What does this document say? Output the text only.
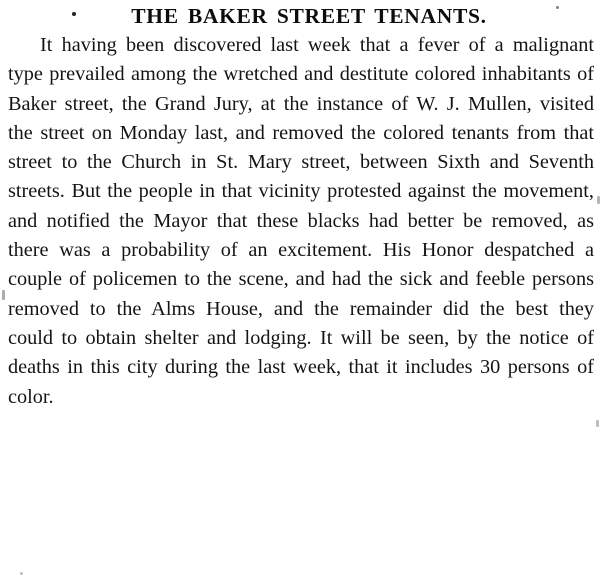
THE BAKER STREET TENANTS.

It having been discovered last week that a fever of a malignant type prevailed among the wretched and destitute colored inhabitants of Baker street, the Grand Jury, at the instance of W. J. Mullen, visited the street on Monday last, and removed the colored tenants from that street to the Church in St. Mary street, between Sixth and Seventh streets. But the people in that vicinity protested against the movement, and notified the Mayor that these blacks had better be removed, as there was a probability of an excitement. His Honor despatched a couple of policemen to the scene, and had the sick and feeble persons removed to the Alms House, and the remainder did the best they could to obtain shelter and lodging. It will be seen, by the notice of deaths in this city during the last week, that it includes 30 persons of color.
